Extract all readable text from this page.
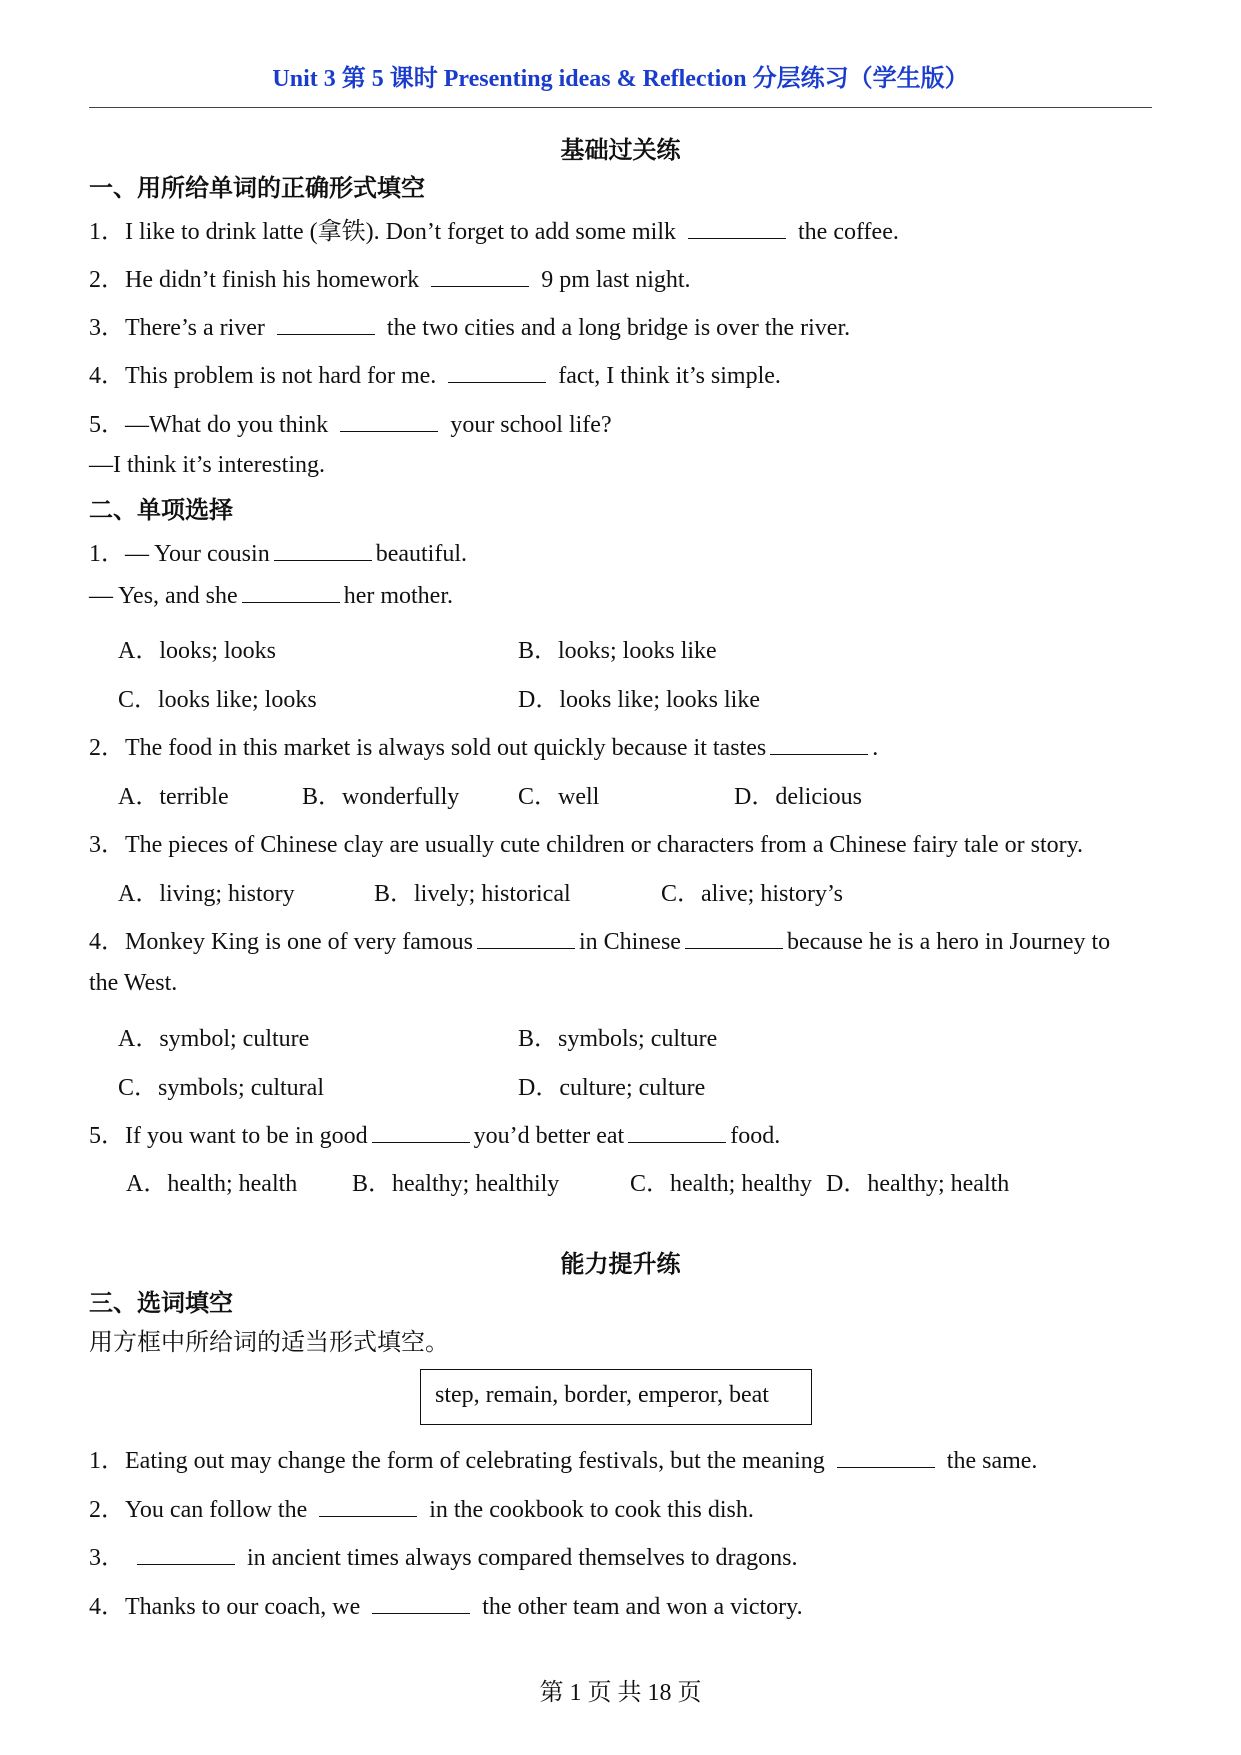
Unit 3 第 5 课时 Presenting ideas & Reflection 分层练习（学生版）
基础过关练
一、用所给单词的正确形式填空
1．I like to drink latte (拿铁). Don’t forget to add some milk	the coffee.
2．He didn’t finish his homework	9 pm last night.
3．There’s a river	the two cities and a long bridge is over the river.
4．This problem is not hard for me.	fact, I think it’s simple.
5．—What do you think	your school life?
—I think it’s interesting.
二、单项选择
1．— Your cousin	beautiful.
— Yes, and she	her mother.
A．looks; looks	B．looks; looks like
C．looks like; looks	D．looks like; looks like
2．The food in this market is always sold out quickly because it tastes	.
A．terrible	B．wonderfully C．well	D．delicious
3．The pieces of Chinese clay are usually cute children or characters from a Chinese fairy tale or story.
A．living; history	B．lively; historical	C．alive; history’s
4．Monkey King is one of very famous	in Chinese	because he is a hero in Journey to
the West.
A．symbol; culture	B．symbols; culture
C．symbols; cultural	D．culture; culture
5．If you want to be in good	you’d better eat	food.
A．health; health B．healthy; healthily	C．health; healthy D．healthy; health
能力提升练
三、选词填空
用方框中所给词的适当形式填空。
step, remain, border, emperor, beat
1．Eating out may change the form of celebrating festivals, but the meaning	the same.
2．You can follow the	in the cookbook to cook this dish.
3．	in ancient times always compared themselves to dragons.
4．Thanks to our coach, we	the other team and won a victory.
第 1 页 共 18 页
